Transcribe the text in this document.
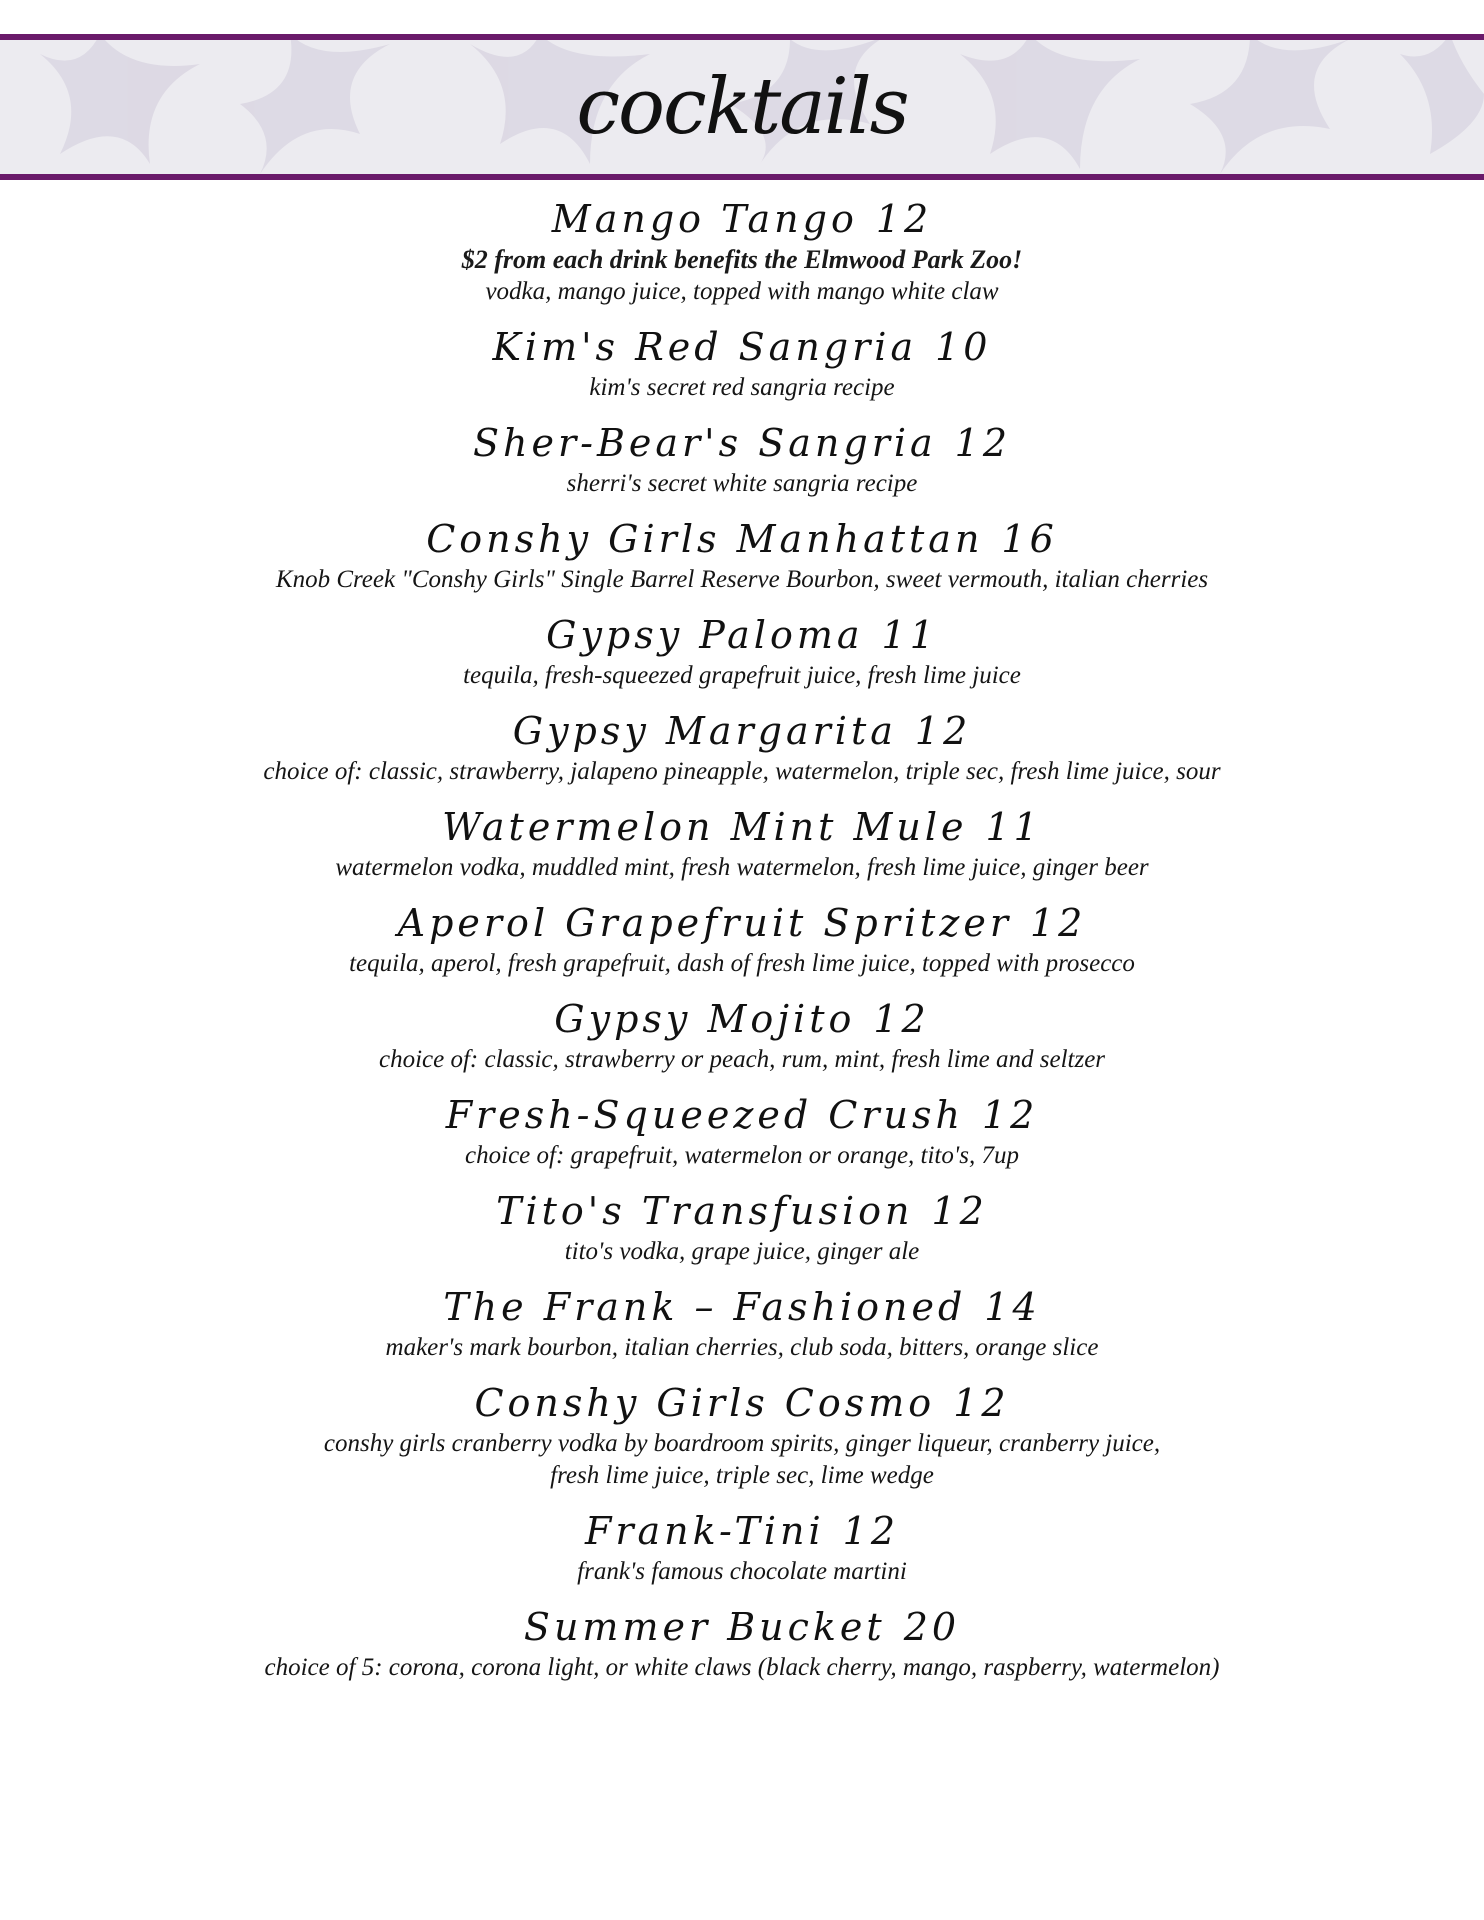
cocktails
Mango Tango 12
$2 from each drink benefits the Elmwood Park Zoo!
vodka, mango juice, topped with mango white claw
Kim's Red Sangria 10
kim's secret red sangria recipe
Sher-Bear's Sangria 12
sherri's secret white sangria recipe
Conshy Girls Manhattan 16
Knob Creek "Conshy Girls" Single Barrel Reserve Bourbon, sweet vermouth, italian cherries
Gypsy Paloma 11
tequila, fresh-squeezed grapefruit juice, fresh lime juice
Gypsy Margarita 12
choice of: classic, strawberry, jalapeno pineapple, watermelon, triple sec, fresh lime juice, sour
Watermelon Mint Mule 11
watermelon vodka, muddled mint, fresh watermelon, fresh lime juice, ginger beer
Aperol Grapefruit Spritzer 12
tequila, aperol, fresh grapefruit, dash of fresh lime juice, topped with prosecco
Gypsy Mojito 12
choice of: classic, strawberry or peach, rum, mint, fresh lime and seltzer
Fresh-Squeezed Crush 12
choice of: grapefruit, watermelon or orange, tito's, 7up
Tito's Transfusion 12
tito's vodka, grape juice, ginger ale
The Frank – Fashioned 14
maker's mark bourbon, italian cherries, club soda, bitters, orange slice
Conshy Girls Cosmo 12
conshy girls cranberry vodka by boardroom spirits, ginger liqueur, cranberry juice,
fresh lime juice, triple sec, lime wedge
Frank-Tini 12
frank's famous chocolate martini
Summer Bucket 20
choice of 5: corona, corona light, or white claws (black cherry, mango, raspberry, watermelon)
